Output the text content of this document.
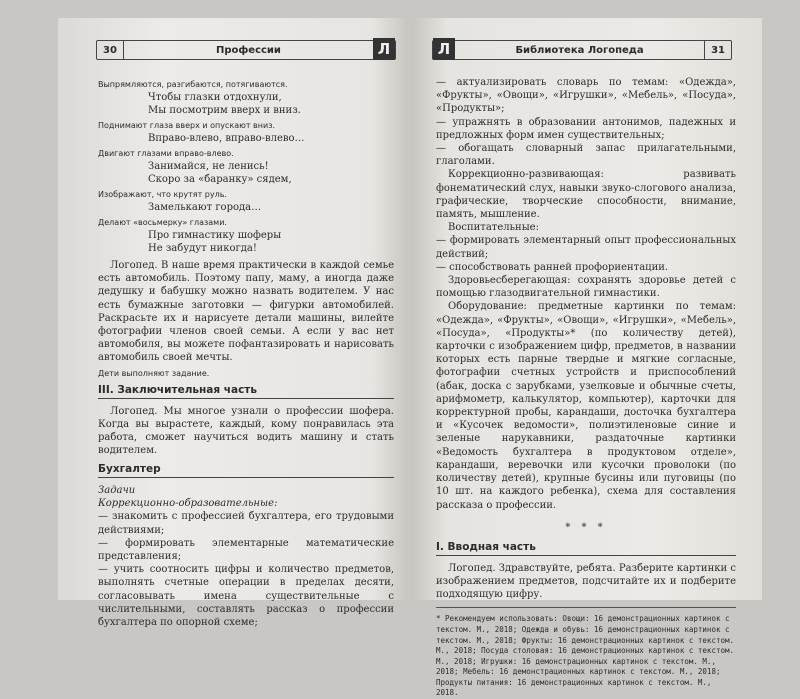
30	Профессии	Л

Выпрямляются, разгибаются, потягиваются.

Чтобы глазки отдохнули,
Мы посмотрим вверх и вниз.

Поднимают глаза вверх и опускают вниз.

Вправо-влево, вправо-влево…

Двигают глазами вправо-влево.

Занимайся, не ленись!
Скоро за «баранку» сядем,

Изображают, что крутят руль.

Замелькают города…

Делают «восьмерку» глазами.

Про гимнастику шоферы
Не забудут никогда!

Логопед. В наше время практически в каждой семье есть автомобиль. Поэтому папу, маму, а иногда даже дедушку и бабушку можно назвать водителем. У нас есть бумажные заготовки — фигурки автомобилей. Раскрасьте их и нарисуете детали машины, вилейте фотографии членов своей семьи. А если у вас нет автомобиля, вы можете пофантазировать и нарисовать автомобиль своей мечты.

Дети выполняют задание.

III. Заключительная часть

Логопед. Мы многое узнали о профессии шофера. Когда вы вырастете, каждый, кому понравилась эта работа, сможет научиться водить машину и стать водителем.

Бухгалтер

Задачи

Коррекционно-образовательные:

— знакомить с профессией бухгалтера, его трудовыми действиями;

— формировать элементарные математические представления;

— учить соотносить цифры и количество предметов, выполнять счетные операции в пределах десяти, согласовывать имена существительные с числительными, составлять рассказ о профессии бухгалтера по опорной схеме;

Л	Библиотека Логопеда	31

— актуализировать словарь по темам: «Одежда», «Фрукты», «Овощи», «Игрушки», «Мебель», «Посуда», «Продукты»;

— упражнять в образовании антонимов, падежных и предложных форм имен существительных;

— обогащать словарный запас прилагательными, глаголами.

Коррекционно-развивающая: развивать фонематический слух, навыки звуко-слогового анализа, графические, творческие способности, внимание, память, мышление.

Воспитательные:

— формировать элементарный опыт профессиональных действий;

— способствовать ранней профориентации.

Здоровьесберегающая: сохранять здоровье детей с помощью глазодвигательной гимнастики.

Оборудование: предметные картинки по темам: «Одежда», «Фрукты», «Овощи», «Игрушки», «Мебель», «Посуда», «Продукты»* (по количеству детей), карточки с изображением цифр, предметов, в названии которых есть парные твердые и мягкие согласные, фотографии счетных устройств и приспособлений (абак, доска с зарубками, узелковые и обычные счеты, арифмометр, калькулятор, компьютер), карточки для корректурной пробы, карандаши, досточка бухгалтера и «Кусочек ведомости», полиэтиленовые синие и зеленые нарукавники, раздаточные картинки «Ведомость бухгалтера в продуктовом отделе», карандаши, веревочки или кусочки проволоки (по количеству детей), крупные бусины или пуговицы (по 10 шт. на каждого ребенка), схема для составления рассказа о профессии.

* * *

I. Вводная часть

Логопед. Здравствуйте, ребята. Разберите картинки с изображением предметов, подсчитайте их и подберите подходящую цифру.

* Рекомендуем использовать: Овощи: 16 демонстрационных картинок с текстом. М., 2018; Одежда и обувь: 16 демонстрационных картинок с текстом. М., 2018; Фрукты: 16 демонстрационных картинок с текстом. М., 2018; Посуда столовая: 16 демонстрационных картинок с текстом. М., 2018; Игрушки: 16 демонстрационных картинок с текстом. М., 2018; Мебель: 16 демонстрационных картинок с текстом. М., 2018; Продукты питания: 16 демонстрационных картинок с текстом. М., 2018.
